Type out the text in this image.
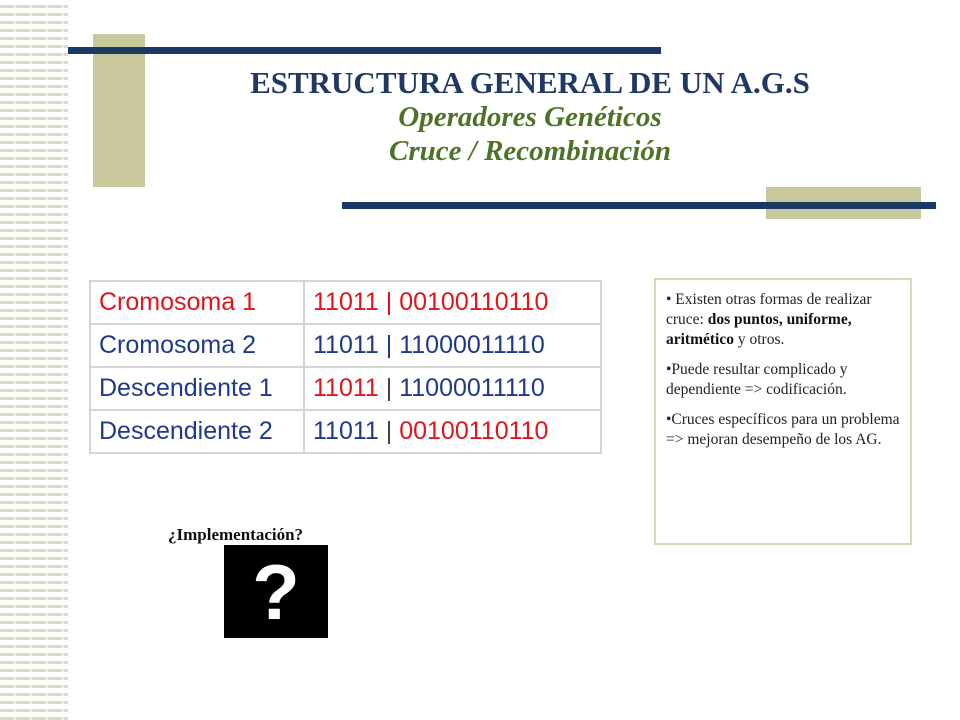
ESTRUCTURA GENERAL DE UN A.G.S
Operadores Genéticos
Cruce / Recombinación
Cromosoma 1	11011 | 00100110110
Cromosoma 2	11011 | 11000011110
Descendiente 1	11011 | 11000011110
Descendiente 2	11011 | 00100110110

• Existen otras formas de realizar cruce: dos puntos, uniforme, aritmético y otros.

•Puede resultar complicado y dependiente => codificación.

•Cruces específicos para un problema => mejoran desempeño de los AG.

¿Implementación?
?
